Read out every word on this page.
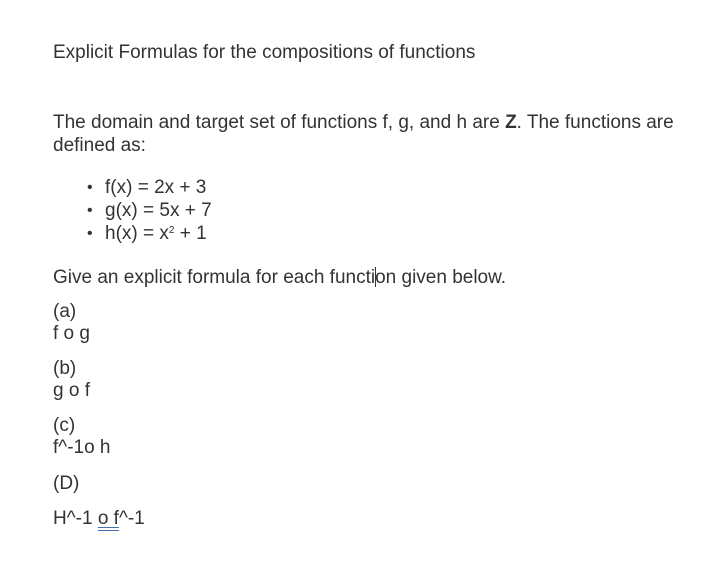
Explicit Formulas for the compositions of functions
The domain and target set of functions f, g, and h are Z. The functions are defined as:
• f(x) = 2x + 3
• g(x) = 5x + 7
• $h(x) = x^2 + 1$
Give an explicit formula for each function given below.
(a)
f o g
(b)
g o f
(c)
f^-1o h
(D)
H^-1 o f^-1
